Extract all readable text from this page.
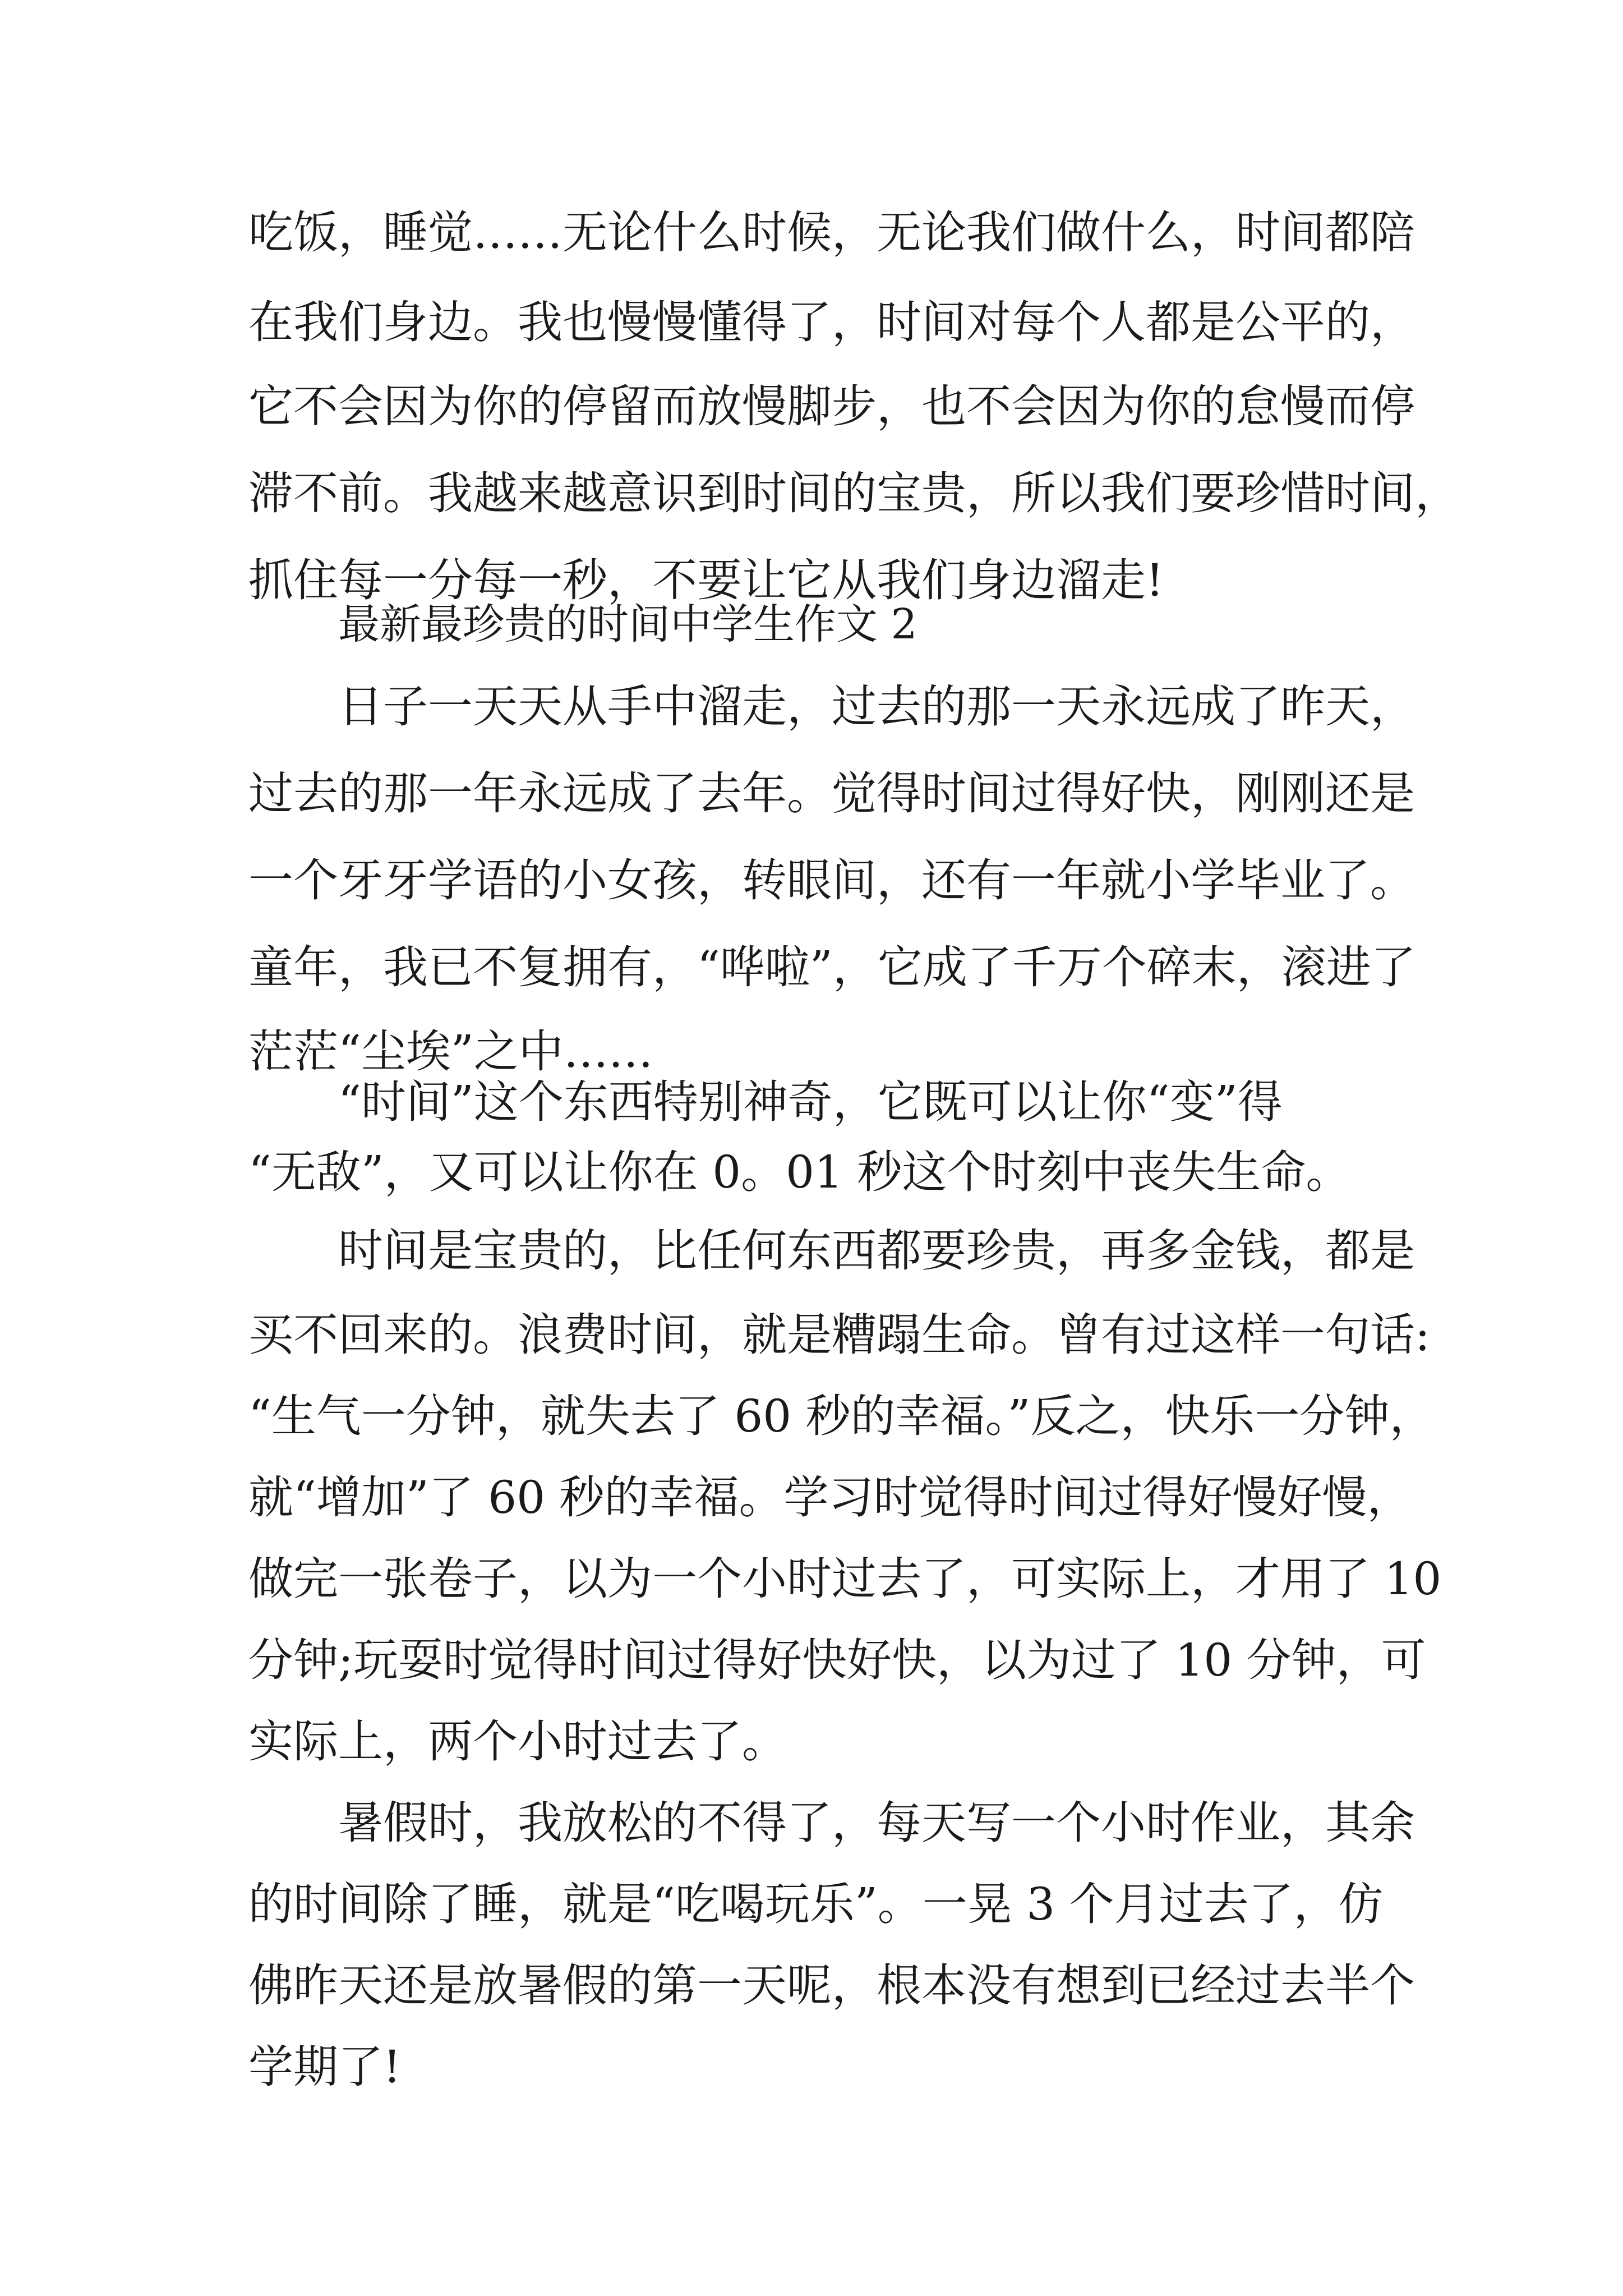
吃饭，睡觉……无论什么时候，无论我们做什么，时间都陪
在我们身边。我也慢慢懂得了，时间对每个人都是公平的，
它不会因为你的停留而放慢脚步，也不会因为你的怠慢而停
滞不前。我越来越意识到时间的宝贵，所以我们要珍惜时间，
抓住每一分每一秒，不要让它从我们身边溜走!
最新最珍贵的时间中学生作文 2
日子一天天从手中溜走，过去的那一天永远成了昨天，
过去的那一年永远成了去年。觉得时间过得好快，刚刚还是
一个牙牙学语的小女孩，转眼间，还有一年就小学毕业了。
童年，我已不复拥有，“哗啦”，它成了千万个碎末，滚进了
茫茫“尘埃”之中……
“时间”这个东西特别神奇，它既可以让你“变”得
“无敌”，又可以让你在 0。01 秒这个时刻中丧失生命。
时间是宝贵的，比任何东西都要珍贵，再多金钱，都是
买不回来的。浪费时间，就是糟蹋生命。曾有过这样一句话:
“生气一分钟，就失去了 60 秒的幸福。”反之，快乐一分钟，
就“增加”了 60 秒的幸福。学习时觉得时间过得好慢好慢，
做完一张卷子，以为一个小时过去了，可实际上，才用了 10
分钟;玩耍时觉得时间过得好快好快，以为过了 10 分钟，可
实际上，两个小时过去了。
暑假时，我放松的不得了，每天写一个小时作业，其余
的时间除了睡，就是“吃喝玩乐”。一晃 3 个月过去了，仿
佛昨天还是放暑假的第一天呢，根本没有想到已经过去半个
学期了!
